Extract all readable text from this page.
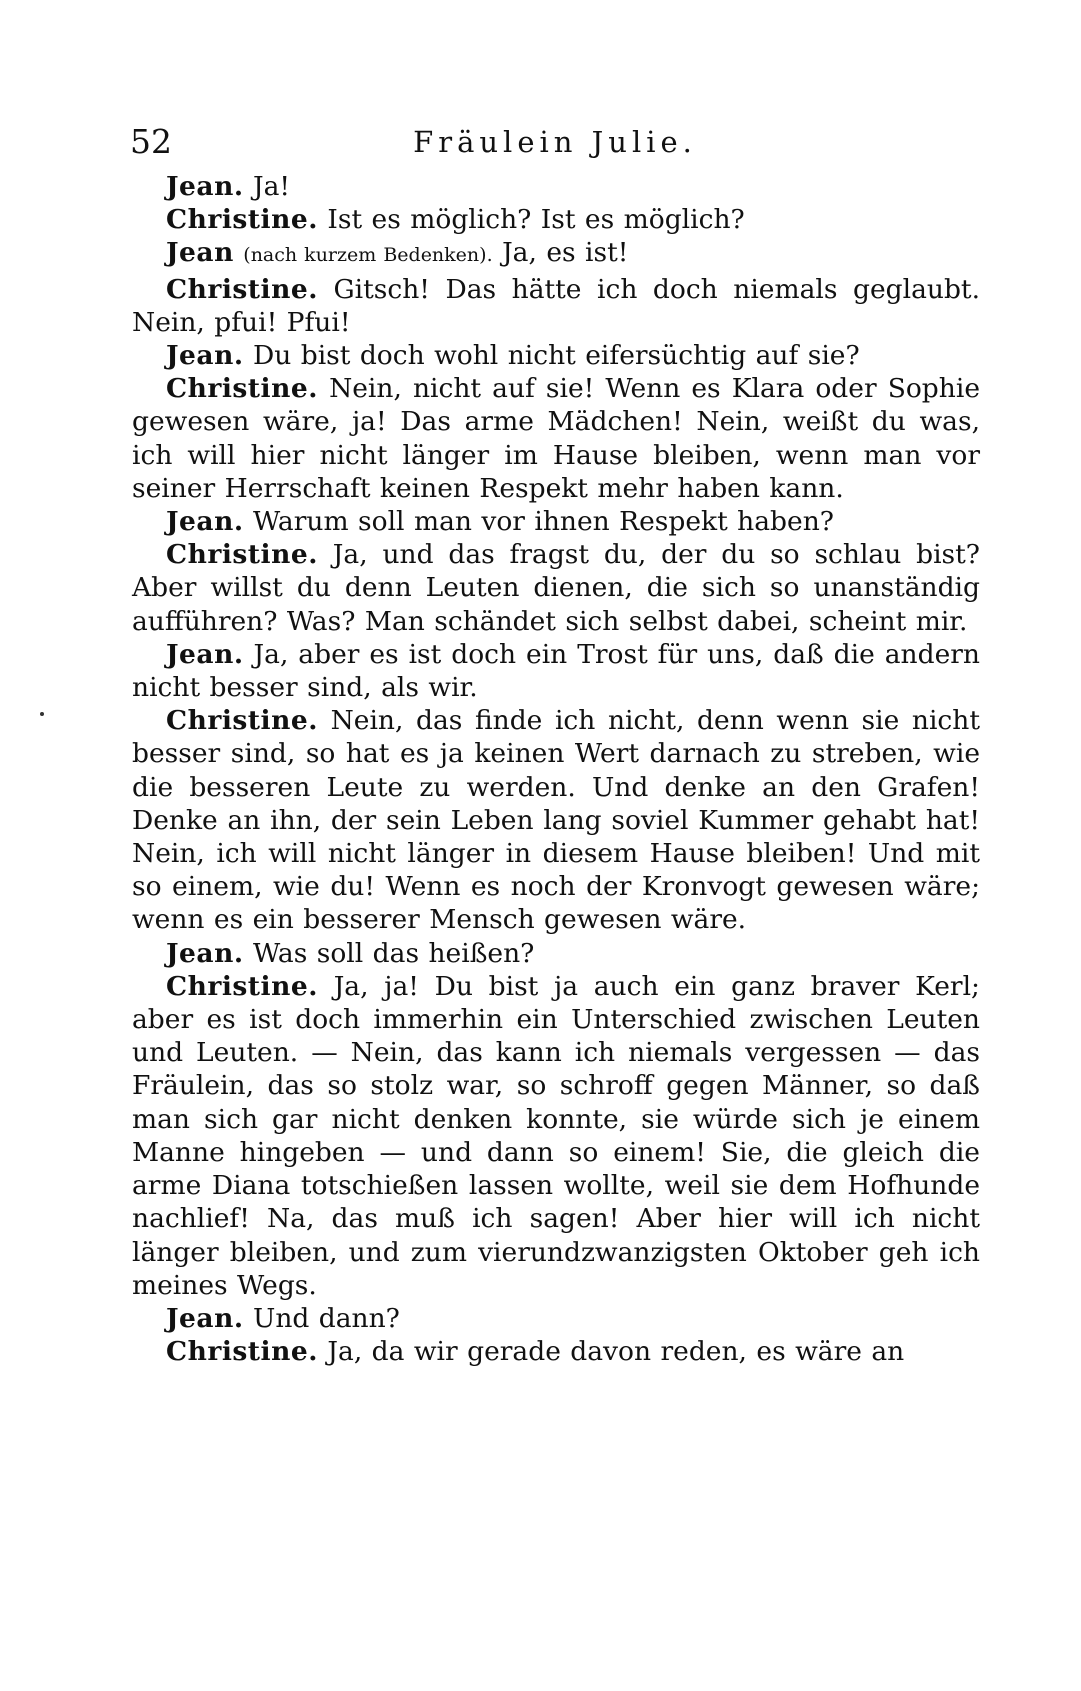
52	Fräulein Julie.

Jean. Ja!

Christine. Ist es möglich? Ist es möglich?

Jean (nach kurzem Bedenken). Ja, es ist!

Christine. Gitsch! Das hätte ich doch niemals geglaubt. Nein, pfui! Pfui!

Jean. Du bist doch wohl nicht eifersüchtig auf sie?

Christine. Nein, nicht auf sie! Wenn es Klara oder Sophie gewesen wäre, ja! Das arme Mädchen! Nein, weißt du was, ich will hier nicht länger im Hause bleiben, wenn man vor seiner Herrschaft keinen Respekt mehr haben kann.

Jean. Warum soll man vor ihnen Respekt haben?

Christine. Ja, und das fragst du, der du so schlau bist? Aber willst du denn Leuten dienen, die sich so unanständig aufführen? Was? Man schändet sich selbst dabei, scheint mir.

Jean. Ja, aber es ist doch ein Trost für uns, daß die andern nicht besser sind, als wir.

Christine. Nein, das finde ich nicht, denn wenn sie nicht besser sind, so hat es ja keinen Wert darnach zu streben, wie die besseren Leute zu werden. Und denke an den Grafen! Denke an ihn, der sein Leben lang soviel Kummer gehabt hat! Nein, ich will nicht länger in diesem Hause bleiben! Und mit so einem, wie du! Wenn es noch der Kronvogt gewesen wäre; wenn es ein besserer Mensch gewesen wäre.

Jean. Was soll das heißen?

Christine. Ja, ja! Du bist ja auch ein ganz braver Kerl; aber es ist doch immerhin ein Unterschied zwischen Leuten und Leuten. — Nein, das kann ich niemals vergessen — das Fräulein, das so stolz war, so schroff gegen Männer, so daß man sich gar nicht denken konnte, sie würde sich je einem Manne hingeben — und dann so einem! Sie, die gleich die arme Diana totschießen lassen wollte, weil sie dem Hofhunde nachlief! Na, das muß ich sagen! Aber hier will ich nicht länger bleiben, und zum vierundzwanzigsten Oktober geh ich meines Wegs.

Jean. Und dann?

Christine. Ja, da wir gerade davon reden, es wäre an
